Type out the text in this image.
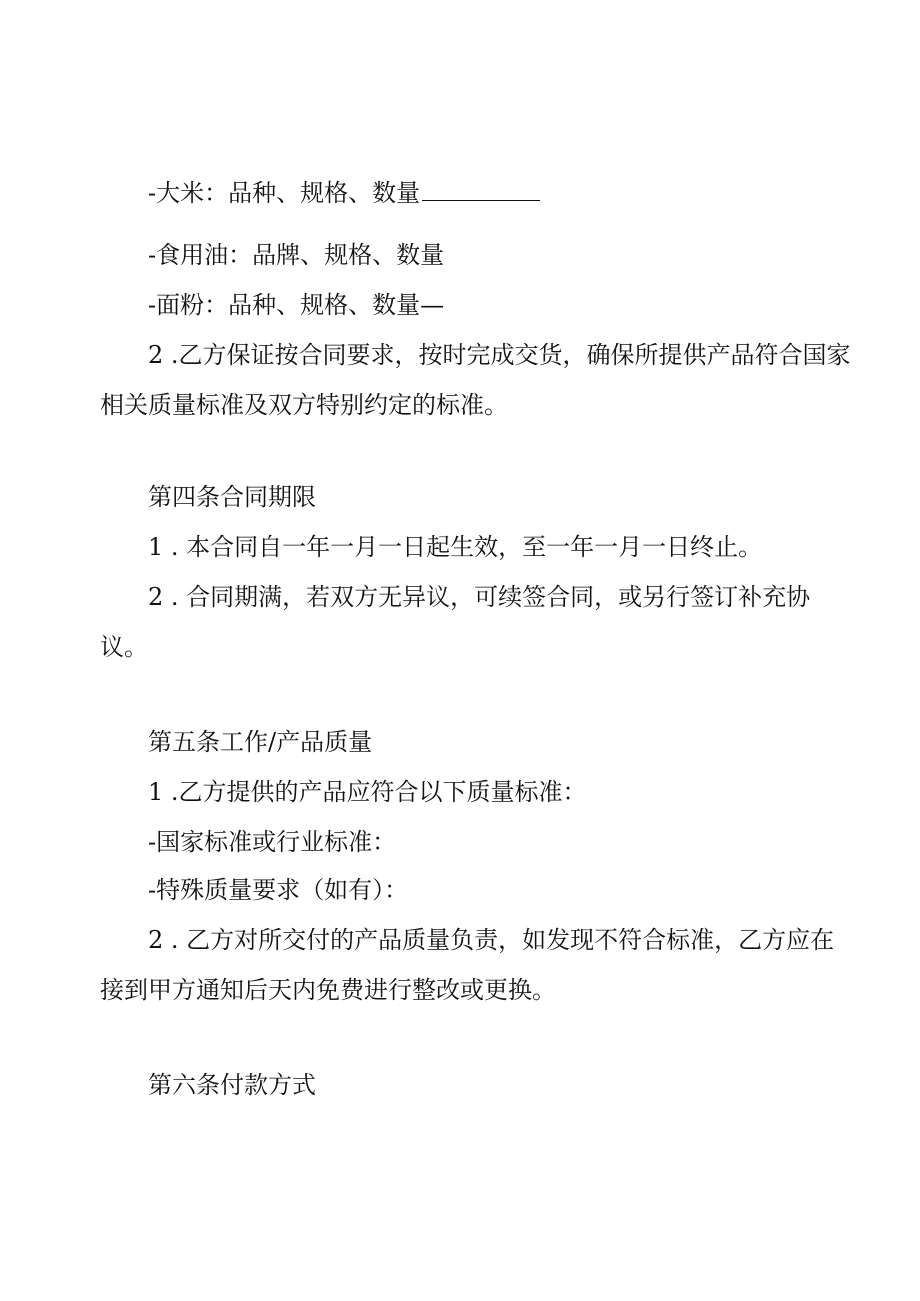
-大米：品种、规格、数量
-食用油：品牌、规格、数量
-面粉：品种、规格、数量—
2 .乙方保证按合同要求，按时完成交货，确保所提供产品符合国家
相关质量标准及双方特别约定的标准。
第四条合同期限
1 . 本合同自一年一月一日起生效，至一年一月一日终止。
2 . 合同期满，若双方无异议，可续签合同，或另行签订补充协
议。
第五条工作/产品质量
1 .乙方提供的产品应符合以下质量标准：
-国家标准或行业标准：
-特殊质量要求（如有）：
2 . 乙方对所交付的产品质量负责，如发现不符合标准，乙方应在
接到甲方通知后天内免费进行整改或更换。
第六条付款方式
